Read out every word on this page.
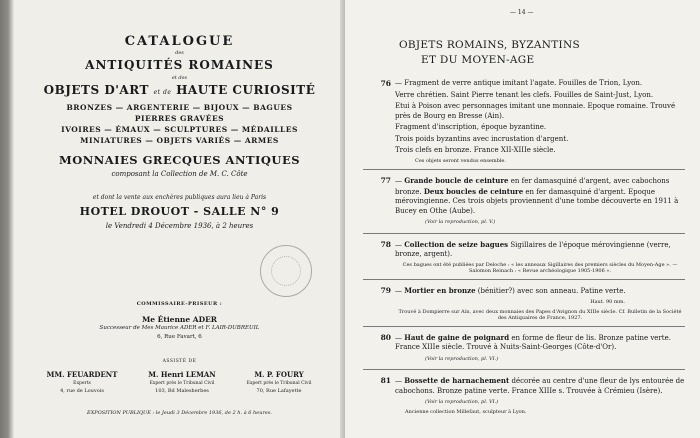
CATALOGUE
des
ANTIQUITÉS ROMAINES
et des
OBJETS D'ART et de HAUTE CURIOSITÉ
BRONZES — ARGENTERIE — BIJOUX — BAGUES
PIERRES GRAVÉES
IVOIRES — ÉMAUX — SCULPTURES — MÉDAILLES
MINIATURES — OBJETS VARIÉS — ARMES
MONNAIES GRECQUES ANTIQUES
composant la Collection de M. C. Côte
et dont la vente aux enchères publiques aura lieu à Paris
HOTEL DROUOT - SALLE N° 9
le Vendredi 4 Décembre 1936, à 2 heures
COMMISSAIRE-PRISEUR :
Me Étienne ADER
Successeur de Mes Maurice ADER et F. LAIR-DUBREUIL
6, Rue Favart, 6
ASSISTÉ DE
MM. FEUARDENT
Experts
4, rue de Louvois
M. Henri LEMAN
Expert près le Tribunal Civil
103, Bd Malesherbes
M. P. FOURY
Expert près le Tribunal Civil
70, Rue Lafayette
EXPOSITION PUBLIQUE : le Jeudi 3 Décembre 1936, de 2 h. à 6 heures.
— 14 —
OBJETS ROMAINS, BYZANTINS
ET DU MOYEN-AGE
76 — Fragment de verre antique imitant l'agate. Fouilles de Trion, Lyon.

Verre chrétien. Saint Pierre tenant les clefs. Fouilles de Saint-Just, Lyon.

Etui à Poison avec personnages imitant une monnaie. Epoque romaine. Trouvé près de Bourg en Bresse (Ain).

Fragment d'inscription, époque byzantine.

Trois poids byzantins avec incrustation d'argent.

Trois clefs en bronze. France XII-XIIIe siècle.

Ces objets seront vendus ensemble.
77 — Grande boucle de ceinture en fer damasquiné d'argent, avec cabochons bronze. Deux boucles de ceinture en fer damasquiné d'argent. Epoque mérovingienne. Ces trois objets proviennent d'une tombe découverte en 1911 à Bucey en Othe (Aube).

(Voir la reproduction, pl. V.)
78 — Collection de seize bagues Sigillaires de l'époque mérovingienne (verre, bronze, argent).

Ces bagues ont été publiées par Deloche : « les anneaux Sigillaires des premiers siècles du Moyen-Age ». — Salomon Reinach : « Revue archéologique 1905-1906 ».
79 — Mortier en bronze (bénitier?) avec son anneau. Patine verte.

Haut. 90 mm.
Trouvé à Dompierre sur Ain, avec deux monnaies des Papes d'Avignon du XIIIe siècle. Cf. Bulletin de la Société des Antiquaires de France, 1927.
80 — Haut de gaine de poignard en forme de fleur de lis. Bronze patine verte. France XIIIe siècle. Trouvé à Nuits-Saint-Georges (Côte-d'Or).

(Voir la reproduction, pl. VI.)
81 — Bossette de harnachement décorée au centre d'une fleur de lys entourée de cabochons. Bronze patine verte. France XIIIe s. Trouvée à Crémieu (Isère).

(Voir la reproduction, pl. VI.)
Ancienne collection Millefaut, sculpteur à Lyon.
